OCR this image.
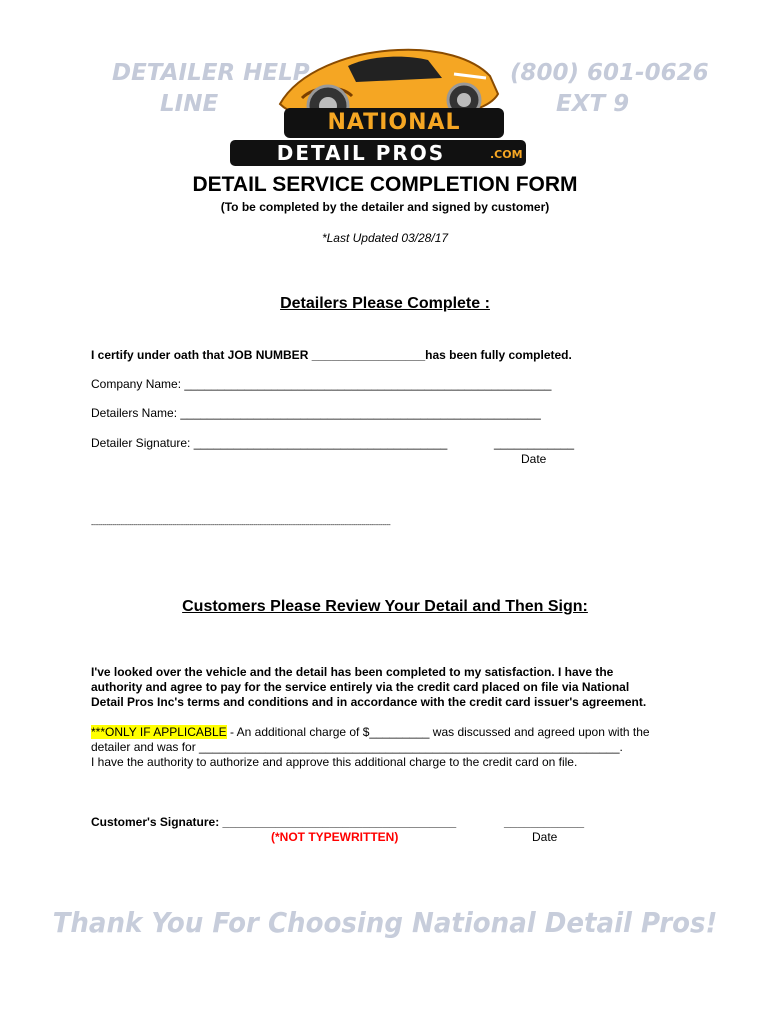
DETAILER HELP
LINE
(800) 601-0626
EXT 9
NATIONAL
DETAIL PROS	.COM
DETAIL SERVICE COMPLETION FORM
(To be completed by the detailer and signed by customer)
*Last Updated 03/28/17
Detailers Please Complete :
I certify under oath that JOB NUMBER _________________has been fully completed.
Company Name: _______________________________________________________
Detailers Name: ______________________________________________________
Detailer Signature: ______________________________________	____________
Date
-----------------------------------------------------------------------------------------------------------------------------------------------------------
Customers Please Review Your Detail and Then Sign:
I've looked over the vehicle and the detail has been completed to my satisfaction. I have the
authority and agree to pay for the service entirely via the credit card placed on file via National
Detail Pros Inc's terms and conditions and in accordance with the credit card issuer's agreement.
***ONLY IF APPLICABLE - An additional charge of $_________ was discussed and agreed upon with the
detailer and was for _______________________________________________________________.
I have the authority to authorize and approve this additional charge to the credit card on file.
Customer's Signature: ___________________________________
(*NOT TYPEWRITTEN)
____________
Date
Thank You For Choosing National Detail Pros!
